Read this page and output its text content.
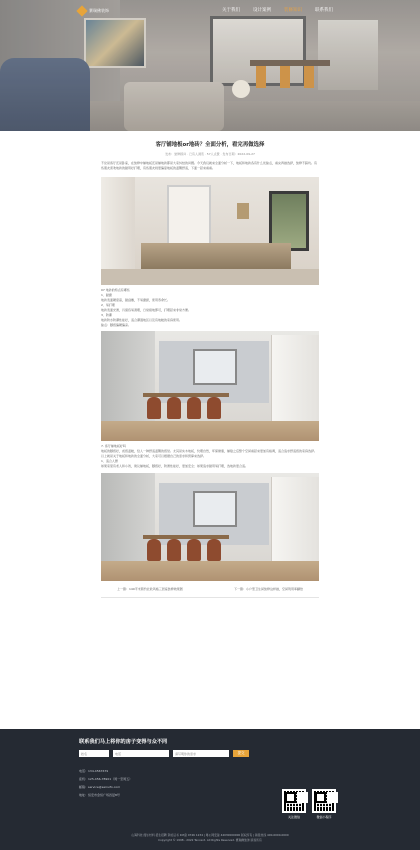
赛瑞佛装饰	关于我们	设计案例	装修知识	联系我们
客厅铺地板or地砖？全面分析，看完再做选择
发布：装修顾问 · 已有人浏览 · 57人点赞 · 发布日期：2022-09-27

不论是客厅还是卧室，在装修中铺地板还是铺地砖都是大家纠结的问题。今天我们就来全面分析一下，地板和地砖各有什么优缺点，看完再做选择，装修不踩坑。有些朋友喜欢地砖的耐用好打理，有些朋友则更偏爱地板的温馨舒适，下面一起来看看。

07 地砖的特点有哪些
1、耐磨
地砖表面硬度高，耐刮擦，不易磨损，使用寿命长。
2、易打理
地砖表面光滑，污渍容易清理，日常拖地即可，打理起来非常方便。
3、防潮
地砖防水防潮性能好，适合潮湿地区以及有地暖的家庭使用。
缺点：脚感偏硬偏凉。
7. 客厅铺地板好吗
地板的脚感好，质感温暖，给人一种舒适温馨的感觉。尤其是实木地板，纹理自然，环保健康，铺贴之后整个空间看起来更加有格调，适合追求舒适感的家庭选择。
以上就是关于地板和地砖的全面分析，大家可以根据自己的需求和预算来选择。
1、适合人群
如果家里有老人和小孩，建议铺地板，脚感好，防滑性能好，更加安全；如果追求耐用易打理，选地砖更合适。
上一篇：140平米简约北欧风格三居室装修效果图	下一篇：小户型卫生间装修这样做，空间利用率翻倍
联系我们马上将你的房子变得与众不同
姓名
电话
请写明你的需求
提交
电话：134-4567679
座机：125-456-78901（周一至周五）
邮箱：service@sairuifo.com
地址：恒安市金恒广场四层8号
关注微信	微信小程序
山海科技 阁乐材料 招生招聘 资质证书 ICP备 0746 1234 | 粤公网安备 44030000000 版权所有 | 销售热线 400-0000-0000
Copyright © 1998 - 2022 Tencent. All Rights Reserved. 赛瑞佛装饰 版权所有
